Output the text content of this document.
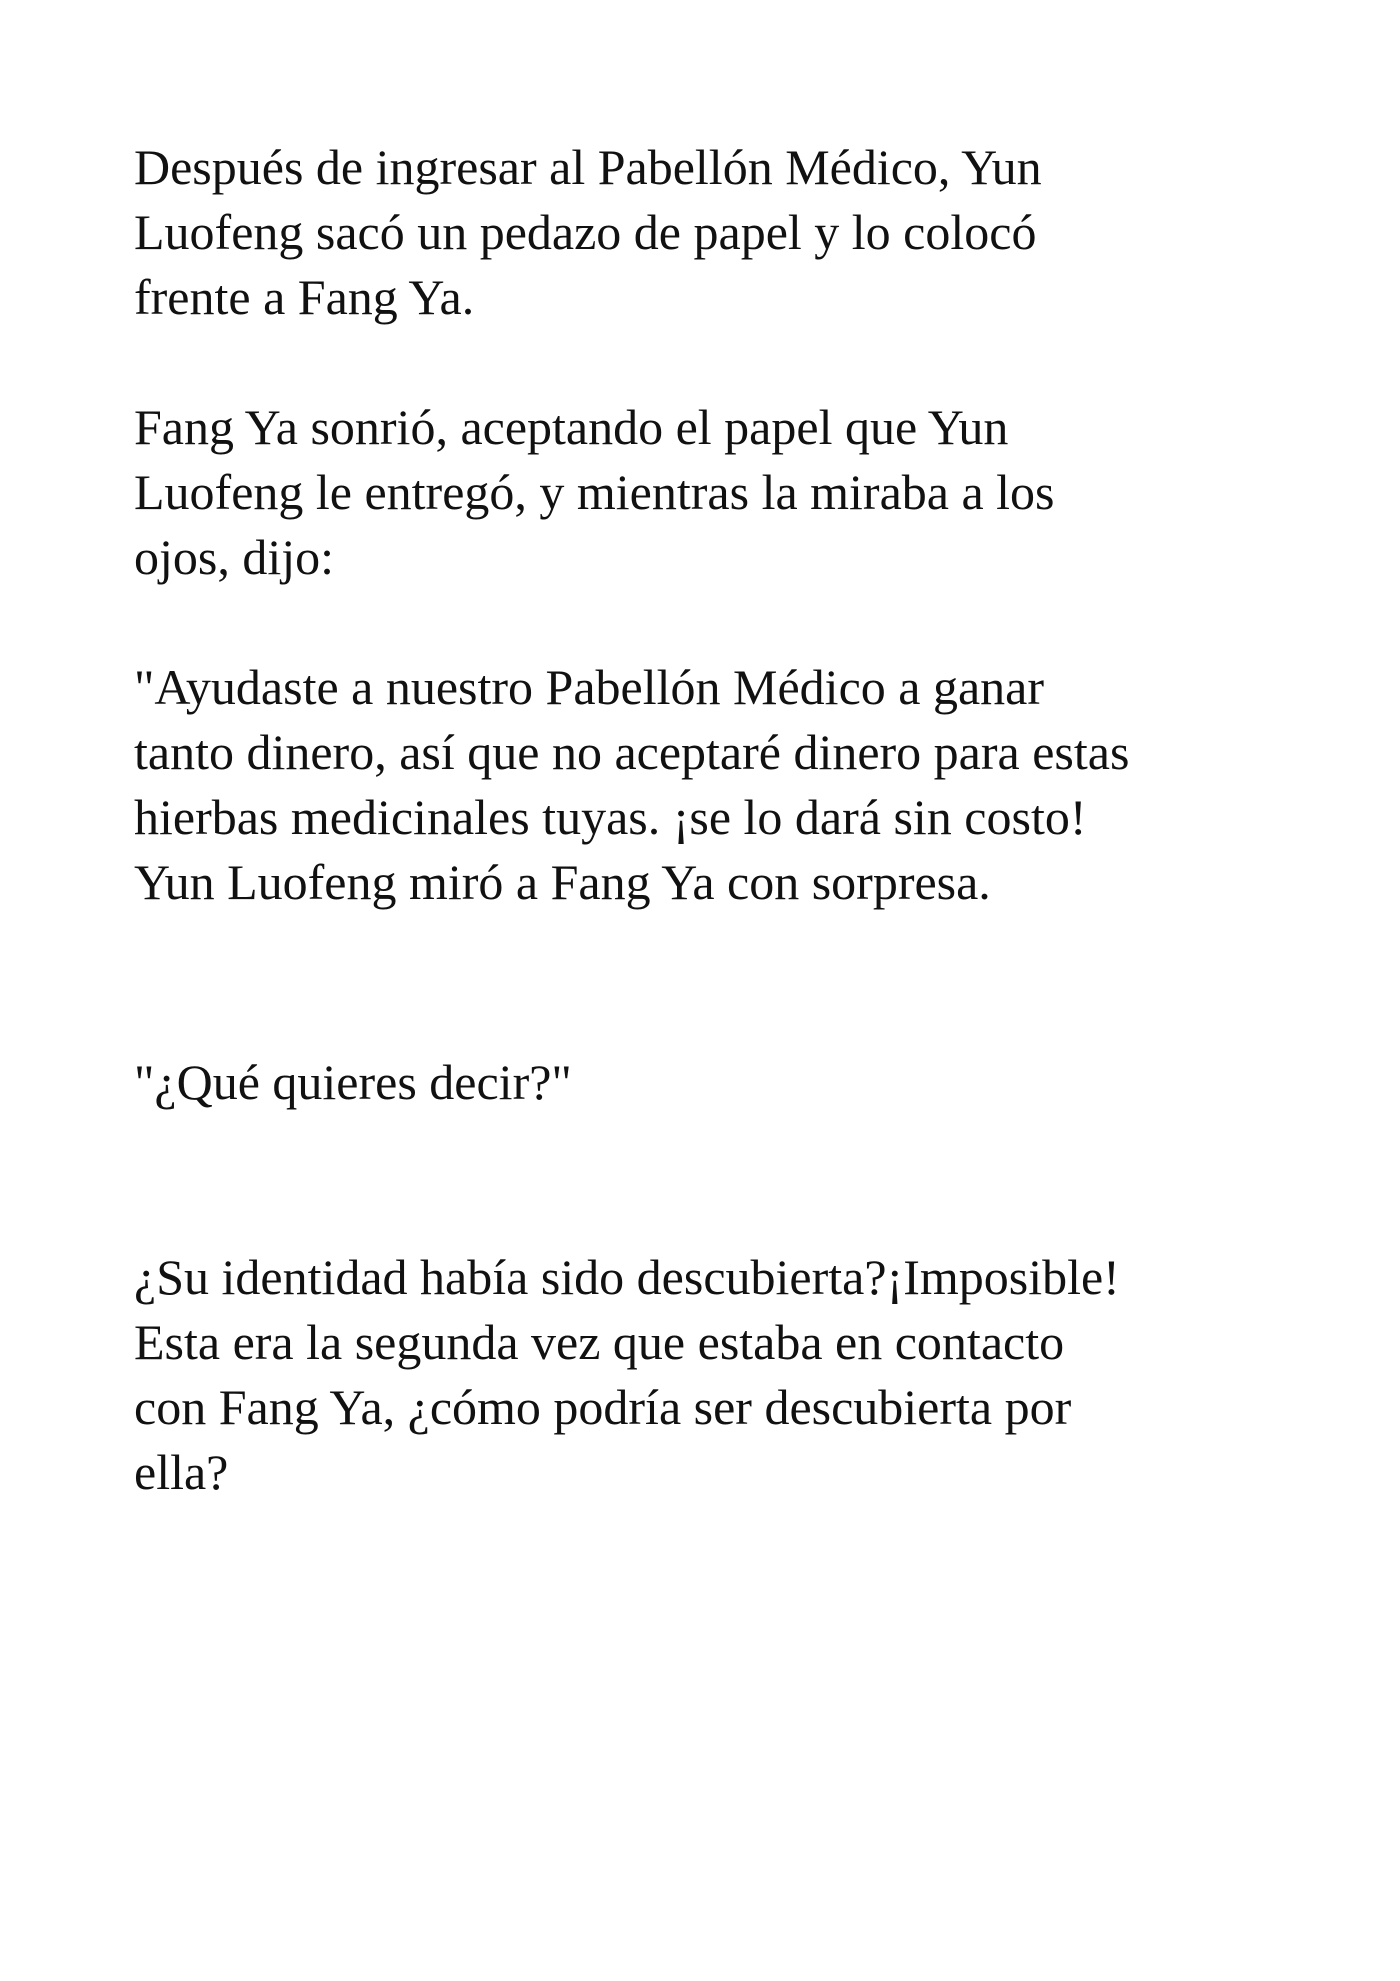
Después de ingresar al Pabellón Médico, Yun
Luofeng sacó un pedazo de papel y lo colocó
frente a Fang Ya.

Fang Ya sonrió, aceptando el papel que Yun
Luofeng le entregó, y mientras la miraba a los
ojos, dijo:

"Ayudaste a nuestro Pabellón Médico a ganar
tanto dinero, así que no aceptaré dinero para estas
hierbas medicinales tuyas. ¡se lo dará sin costo!
Yun Luofeng miró a Fang Ya con sorpresa.

"¿Qué quieres decir?"

¿Su identidad había sido descubierta?¡Imposible!
Esta era la segunda vez que estaba en contacto
con Fang Ya, ¿cómo podría ser descubierta por
ella?
